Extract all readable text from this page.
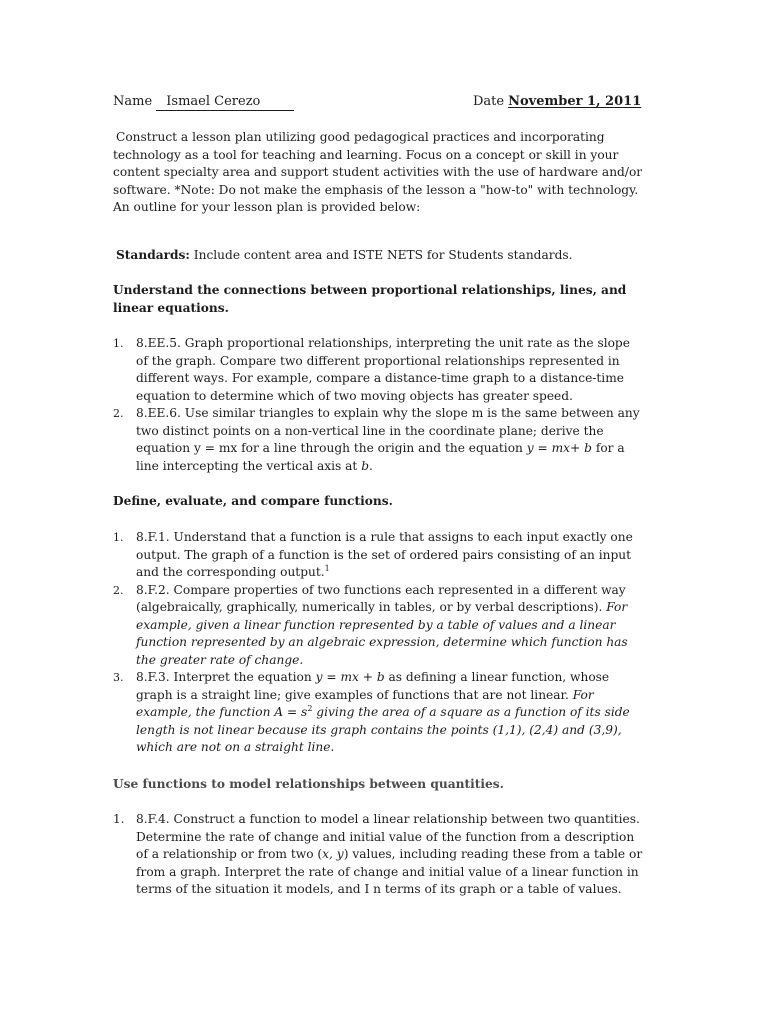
Name Ismael Cerezo	Date November 1, 2011

Construct a lesson plan utilizing good pedagogical practices and incorporating technology as a tool for teaching and learning. Focus on a concept or skill in your content specialty area and support student activities with the use of hardware and/or software. *Note: Do not make the emphasis of the lesson a "how-to" with technology. An outline for your lesson plan is provided below:

Standards: Include content area and ISTE NETS for Students standards.

Understand the connections between proportional relationships, lines, and linear equations.

1. 8.EE.5. Graph proportional relationships, interpreting the unit rate as the slope of the graph. Compare two different proportional relationships represented in different ways. For example, compare a distance-time graph to a distance-time equation to determine which of two moving objects has greater speed.
2. 8.EE.6. Use similar triangles to explain why the slope m is the same between any two distinct points on a non-vertical line in the coordinate plane; derive the equation y = mx for a line through the origin and the equation y = mx+ b for a line intercepting the vertical axis at b.

Define, evaluate, and compare functions.

1. 8.F.1. Understand that a function is a rule that assigns to each input exactly one output. The graph of a function is the set of ordered pairs consisting of an input and the corresponding output.$^1$
2. 8.F.2. Compare properties of two functions each represented in a different way (algebraically, graphically, numerically in tables, or by verbal descriptions). For example, given a linear function represented by a table of values and a linear function represented by an algebraic expression, determine which function has the greater rate of change.
3. 8.F.3. Interpret the equation y = mx + b as defining a linear function, whose graph is a straight line; give examples of functions that are not linear. For example, the function $A = s^2$ giving the area of a square as a function of its side length is not linear because its graph contains the points (1,1), (2,4) and (3,9), which are not on a straight line.

Use functions to model relationships between quantities.

1. 8.F.4. Construct a function to model a linear relationship between two quantities. Determine the rate of change and initial value of the function from a description of a relationship or from two (x, y) values, including reading these from a table or from a graph. Interpret the rate of change and initial value of a linear function in terms of the situation it models, and I n terms of its graph or a table of values.
